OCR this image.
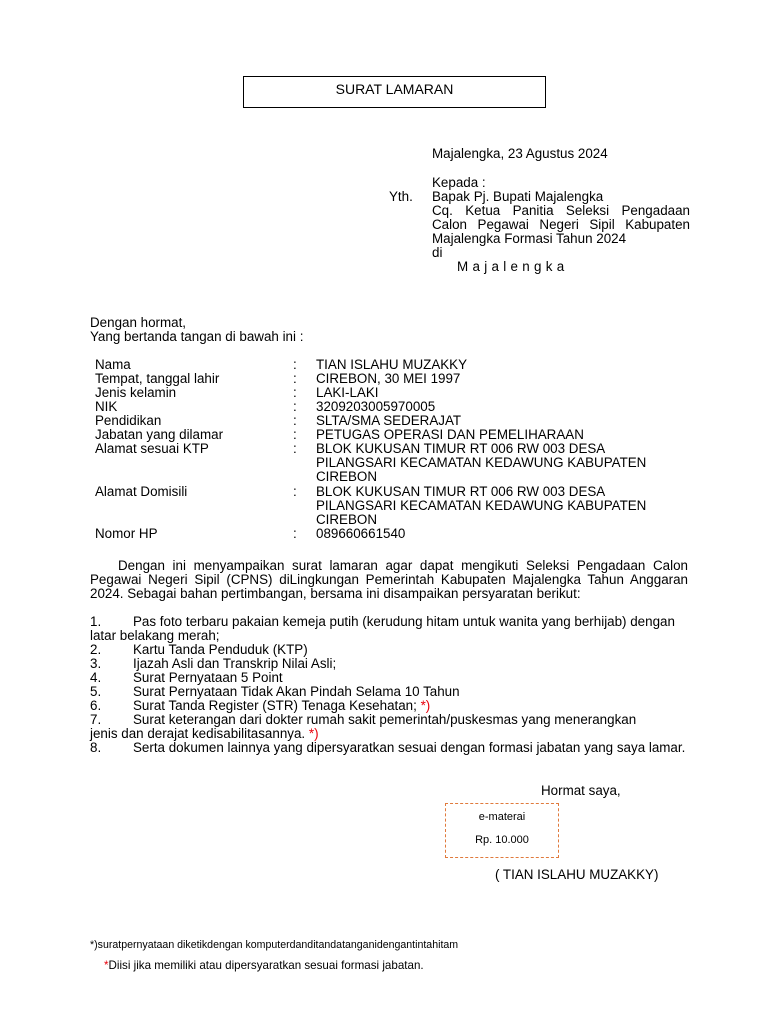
SURAT LAMARAN
Majalengka, 23 Agustus 2024
Kepada :
Yth. Bapak Pj. Bupati Majalengka
Cq. Ketua Panitia Seleksi Pengadaan Calon Pegawai Negeri Sipil Kabupaten Majalengka Formasi Tahun 2024
di
Majalengka
Dengan hormat,
Yang bertanda tangan di bawah ini :
Nama	: TIAN ISLAHU MUZAKKY
Tempat, tanggal lahir	: CIREBON, 30 MEI 1997
Jenis kelamin	: LAKI-LAKI
NIK	: 3209203005970005
Pendidikan	: SLTA/SMA SEDERAJAT
Jabatan yang dilamar	: PETUGAS OPERASI DAN PEMELIHARAAN
Alamat sesuai KTP	: BLOK KUKUSAN TIMUR RT 006 RW 003 DESA PILANGSARI KECAMATAN KEDAWUNG KABUPATEN CIREBON
Alamat Domisili	: BLOK KUKUSAN TIMUR RT 006 RW 003 DESA PILANGSARI KECAMATAN KEDAWUNG KABUPATEN CIREBON
Nomor HP	: 089660661540
Dengan ini menyampaikan surat lamaran agar dapat mengikuti Seleksi Pengadaan Calon Pegawai Negeri Sipil (CPNS) diLingkungan Pemerintah Kabupaten Majalengka Tahun Anggaran 2024. Sebagai bahan pertimbangan, bersama ini disampaikan persyaratan berikut:
1.	Pas foto terbaru pakaian kemeja putih (kerudung hitam untuk wanita yang berhijab) dengan latar belakang merah;
2.	Kartu Tanda Penduduk (KTP)
3.	Ijazah Asli dan Transkrip Nilai Asli;
4.	Surat Pernyataan 5 Point
5.	Surat Pernyataan Tidak Akan Pindah Selama 10 Tahun
6.	Surat Tanda Register (STR) Tenaga Kesehatan; *)
7.	Surat keterangan dari dokter rumah sakit pemerintah/puskesmas yang menerangkan jenis dan derajat kedisabilitasannya. *)
8.	Serta dokumen lainnya yang dipersyaratkan sesuai dengan formasi jabatan yang saya lamar.
Hormat saya,
e-materai
Rp. 10.000
( TIAN ISLAHU MUZAKKY)
*)suratpernyataan diketikdengan komputerdanditandatanganidengantintahitam
*Diisi jika memiliki atau dipersyaratkan sesuai formasi jabatan.
